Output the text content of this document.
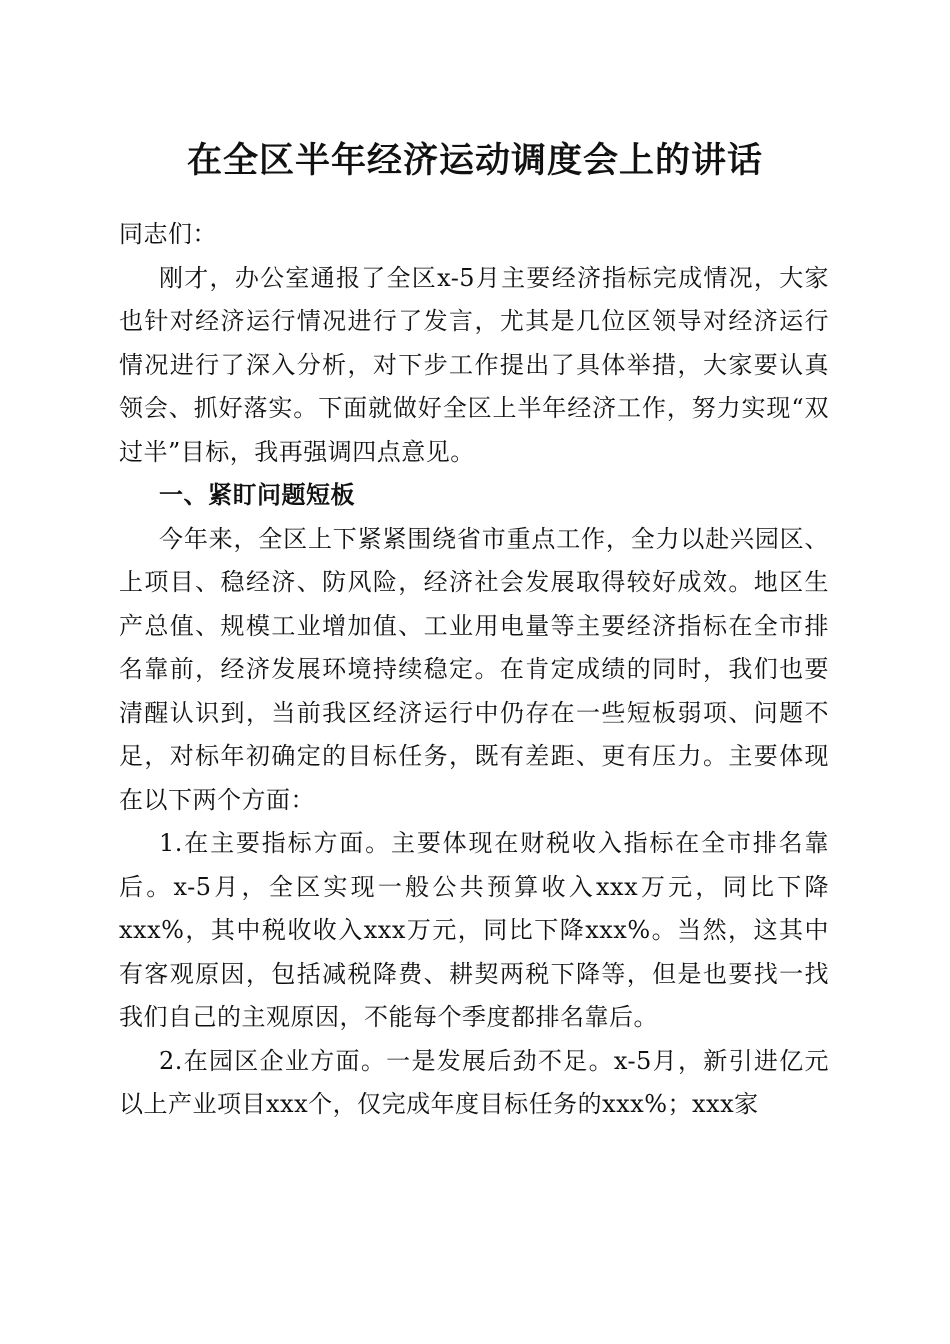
在全区半年经济运动调度会上的讲话

同志们：

刚才，办公室通报了全区x-5月主要经济指标完成情况，大家也针对经济运行情况进行了发言，尤其是几位区领导对经济运行情况进行了深入分析，对下步工作提出了具体举措，大家要认真领会、抓好落实。下面就做好全区上半年经济工作，努力实现“双过半”目标，我再强调四点意见。

一、紧盯问题短板

今年来，全区上下紧紧围绕省市重点工作，全力以赴兴园区、上项目、稳经济、防风险，经济社会发展取得较好成效。地区生产总值、规模工业增加值、工业用电量等主要经济指标在全市排名靠前，经济发展环境持续稳定。在肯定成绩的同时，我们也要清醒认识到，当前我区经济运行中仍存在一些短板弱项、问题不足，对标年初确定的目标任务，既有差距、更有压力。主要体现在以下两个方面：

1.在主要指标方面。主要体现在财税收入指标在全市排名靠后。x-5月，全区实现一般公共预算收入xxx万元，同比下降xxx%，其中税收收入xxx万元，同比下降xxx%。当然，这其中有客观原因，包括减税降费、耕契两税下降等，但是也要找一找我们自己的主观原因，不能每个季度都排名靠后。

2.在园区企业方面。一是发展后劲不足。x-5月，新引进亿元以上产业项目xxx个，仅完成年度目标任务的xxx%；xxx家
